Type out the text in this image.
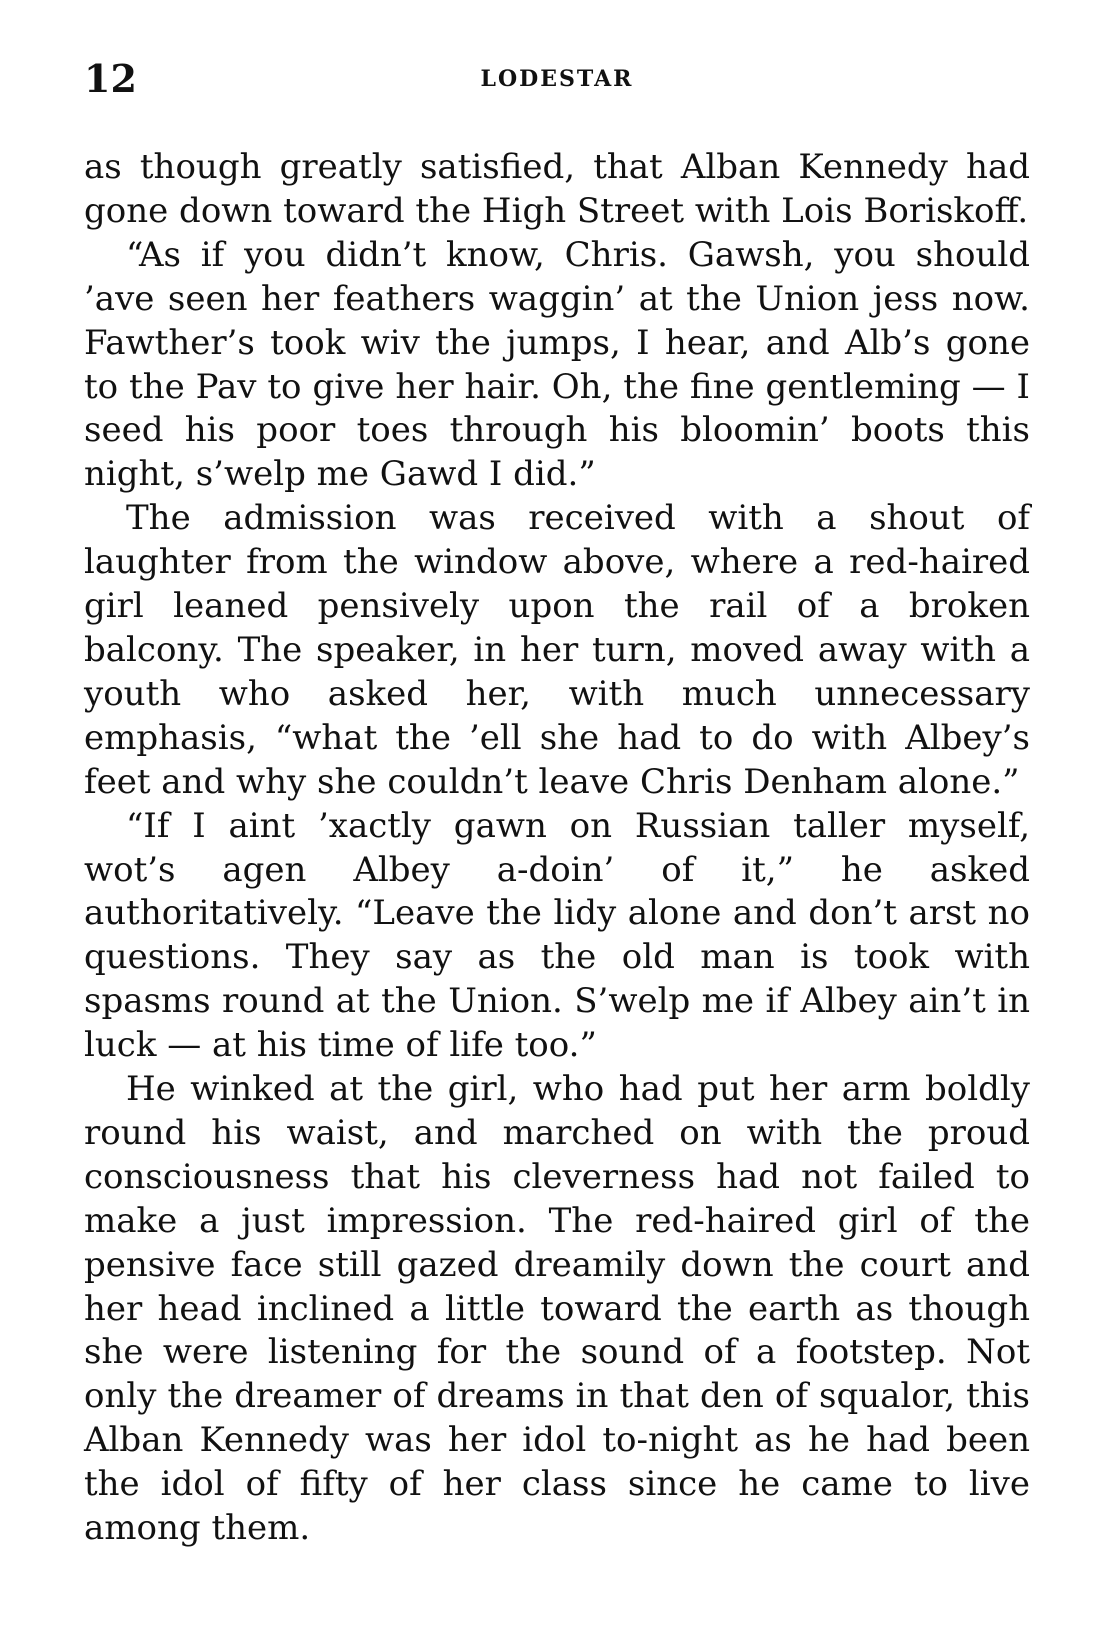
12	LODESTAR

as though greatly satisfied, that Alban Kennedy had gone down toward the High Street with Lois Boriskoff.

“As if you didn’t know, Chris. Gawsh, you should ’ave seen her feathers waggin’ at the Union jess now. Fawther’s took wiv the jumps, I hear, and Alb’s gone to the Pav to give her hair. Oh, the fine gentleming — I seed his poor toes through his bloomin’ boots this night, s’welp me Gawd I did.”

The admission was received with a shout of laughter from the window above, where a red-haired girl leaned pensively upon the rail of a broken balcony. The speaker, in her turn, moved away with a youth who asked her, with much unnecessary emphasis, “what the ’ell she had to do with Albey’s feet and why she couldn’t leave Chris Denham alone.”

“If I aint ’xactly gawn on Russian taller myself, wot’s agen Albey a-doin’ of it,” he asked authoritatively. “Leave the lidy alone and don’t arst no questions. They say as the old man is took with spasms round at the Union. S’welp me if Albey ain’t in luck — at his time of life too.”

He winked at the girl, who had put her arm boldly round his waist, and marched on with the proud consciousness that his cleverness had not failed to make a just impression. The red-haired girl of the pensive face still gazed dreamily down the court and her head inclined a little toward the earth as though she were listening for the sound of a footstep. Not only the dreamer of dreams in that den of squalor, this Alban Kennedy was her idol to-night as he had been the idol of fifty of her class since he came to live among them.
